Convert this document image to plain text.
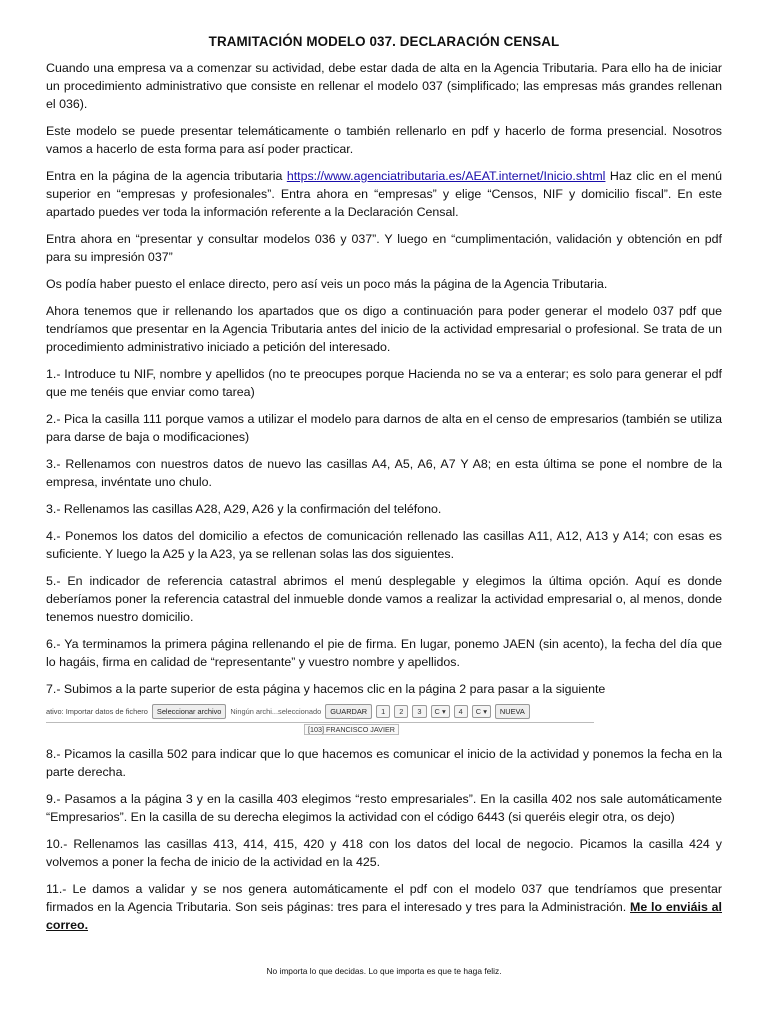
TRAMITACIÓN MODELO 037. DECLARACIÓN CENSAL

Cuando una empresa va a comenzar su actividad, debe estar dada de alta en la Agencia Tributaria. Para ello ha de iniciar un procedimiento administrativo que consiste en rellenar el modelo 037 (simplificado; las empresas más grandes rellenan el 036).

Este modelo se puede presentar telemáticamente o también rellenarlo en pdf y hacerlo de forma presencial. Nosotros vamos a hacerlo de esta forma para así poder practicar.

Entra en la página de la agencia tributaria https://www.agenciatributaria.es/AEAT.internet/Inicio.shtml Haz clic en el menú superior en “empresas y profesionales”. Entra ahora en “empresas” y elige “Censos, NIF y domicilio fiscal”. En este apartado puedes ver toda la información referente a la Declaración Censal.

Entra ahora en “presentar y consultar modelos 036 y 037”. Y luego en “cumplimentación, validación y obtención en pdf para su impresión 037”

Os podía haber puesto el enlace directo, pero así veis un poco más la página de la Agencia Tributaria.

Ahora tenemos que ir rellenando los apartados que os digo a continuación para poder generar el modelo 037 pdf que tendríamos que presentar en la Agencia Tributaria antes del inicio de la actividad empresarial o profesional. Se trata de un procedimiento administrativo iniciado a petición del interesado.

1.- Introduce tu NIF, nombre y apellidos (no te preocupes porque Hacienda no se va a enterar; es solo para generar el pdf que me tenéis que enviar como tarea)

2.- Pica la casilla 111 porque vamos a utilizar el modelo para darnos de alta en el censo de empresarios (también se utiliza para darse de baja o modificaciones)

3.- Rellenamos con nuestros datos de nuevo las casillas A4, A5, A6, A7 Y A8; en esta última se pone el nombre de la empresa, invéntate uno chulo.

3.- Rellenamos las casillas A28, A29, A26 y la confirmación del teléfono.

4.- Ponemos los datos del domicilio a efectos de comunicación rellenado las casillas A11, A12, A13 y A14; con esas es suficiente. Y luego la A25 y la A23, ya se rellenan solas las dos siguientes.

5.- En indicador de referencia catastral abrimos el menú desplegable y elegimos la última opción. Aquí es donde deberíamos poner la referencia catastral del inmueble donde vamos a realizar la actividad empresarial o, al menos, donde tenemos nuestro domicilio.

6.- Ya terminamos la primera página rellenando el pie de firma. En lugar, ponemo JAEN (sin acento), la fecha del día que lo hagáis, firma en calidad de “representante” y vuestro nombre y apellidos.

7.- Subimos a la parte superior de esta página y hacemos clic en la página 2 para pasar a la siguiente

ativo: Importar datos de fichero	Seleccionar archivo	Ningún archi...seleccionado	GUARDAR	1	2	3	C ▾	4	C ▾	NUEVA
[103] FRANCISCO JAVIER

8.- Picamos la casilla 502 para indicar que lo que hacemos es comunicar el inicio de la actividad y ponemos la fecha en la parte derecha.

9.- Pasamos a la página 3 y en la casilla 403 elegimos “resto empresariales”. En la casilla 402 nos sale automáticamente “Empresarios”. En la casilla de su derecha elegimos la actividad con el código 6443 (si queréis elegir otra, os dejo)

10.- Rellenamos las casillas 413, 414, 415, 420 y 418 con los datos del local de negocio. Picamos la casilla 424 y volvemos a poner la fecha de inicio de la actividad en la 425.

11.- Le damos a validar y se nos genera automáticamente el pdf con el modelo 037 que tendríamos que presentar firmados en la Agencia Tributaria. Son seis páginas: tres para el interesado y tres para la Administración. Me lo enviáis al correo.

No importa lo que decidas. Lo que importa es que te haga feliz.
